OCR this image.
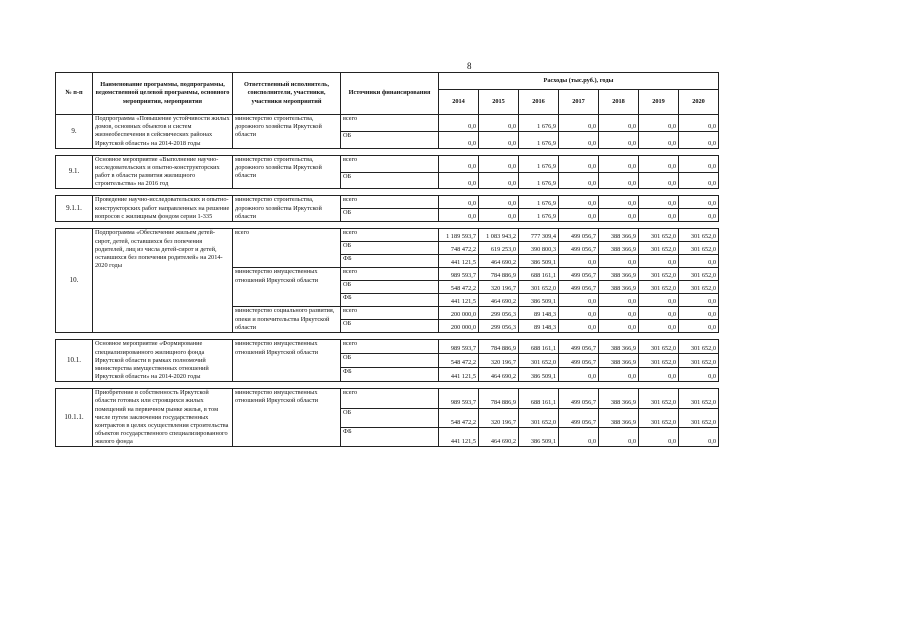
8
№ п-п	Наименование программы, подпрограммы, ведомственной целевой программы, основного мероприятия, мероприятия	Ответственный исполнитель, соисполнители, участники, участники мероприятий	Источники финансирования	Расходы (тыс.руб.), годы						
				2014	2015	2016	2017	2018	2019	2020
9.	Подпрограмма «Повышение устойчивости жилых домов, основных объектов и систем жизнеобеспечения в сейсмических районах Иркутской области» на 2014-2018 годы	министерство строительства, дорожного хозяйства Иркутской области	всего	0,0	0,0	1 676,9	0,0	0,0	0,0	0,0
			ОБ	0,0	0,0	1 676,9	0,0	0,0	0,0	0,0

9.1.	Основное мероприятие «Выполнение научно-исследовательских и опытно-конструкторских работ в области развития жилищного строительства» на 2016 год	министерство строительства, дорожного хозяйства Иркутской области	всего	0,0	0,0	1 676,9	0,0	0,0	0,0	0,0
			ОБ	0,0	0,0	1 676,9	0,0	0,0	0,0	0,0

9.1.1.	Проведение научно-исследовательских и опытно-конструкторских работ направленных на решение вопросов с жилищным фондом серии 1-335	министерство строительства, дорожного хозяйства Иркутской области	всего	0,0	0,0	1 676,9	0,0	0,0	0,0	0,0
			ОБ	0,0	0,0	1 676,9	0,0	0,0	0,0	0,0

10.	Подпрограмма «Обеспечение жильем детей-сирот, детей, оставшихся без попечения родителей, лиц из числа детей-сирот и детей, оставшихся без попечения родителей» на 2014-2020 годы	всего	всего	1 189 593,7	1 083 943,2	777 309,4	499 056,7	388 366,9	301 652,0	301 652,0
			ОБ	748 472,2	619 253,0	390 800,3	499 056,7	388 366,9	301 652,0	301 652,0
			ФБ	441 121,5	464 690,2	386 509,1	0,0	0,0	0,0	0,0
		министерство имущественных отношений Иркутской области	всего	989 593,7	784 886,9	688 161,1	499 056,7	388 366,9	301 652,0	301 652,0
			ОБ	548 472,2	320 196,7	301 652,0	499 056,7	388 366,9	301 652,0	301 652,0
			ФБ	441 121,5	464 690,2	386 509,1	0,0	0,0	0,0	0,0
		министерство социального развития, опеки и попечительства Иркутской области	всего	200 000,0	299 056,3	89 148,3	0,0	0,0	0,0	0,0
			ОБ	200 000,0	299 056,3	89 148,3	0,0	0,0	0,0	0,0

10.1.	Основное мероприятие «Формирование специализированного жилищного фонда Иркутской области в рамках полномочий министерства имущественных отношений Иркутской области» на 2014-2020 годы	министерство имущественных отношений Иркутской области	всего	989 593,7	784 886,9	688 161,1	499 056,7	388 366,9	301 652,0	301 652,0
			ОБ	548 472,2	320 196,7	301 652,0	499 056,7	388 366,9	301 652,0	301 652,0
			ФБ	441 121,5	464 690,2	386 509,1	0,0	0,0	0,0	0,0

10.1.1.	Приобретение в собственность Иркутской области готовых или строящихся жилых помещений на первичном рынке жилья, в том числе путем заключения государственных контрактов в целях осуществления строительства объектов государственного специализированного жилого фонда	министерство имущественных отношений Иркутской области	всего	989 593,7	784 886,9	688 161,1	499 056,7	388 366,9	301 652,0	301 652,0
			ОБ	548 472,2	320 196,7	301 652,0	499 056,7	388 366,9	301 652,0	301 652,0
			ФБ	441 121,5	464 690,2	386 509,1	0,0	0,0	0,0	0,0
